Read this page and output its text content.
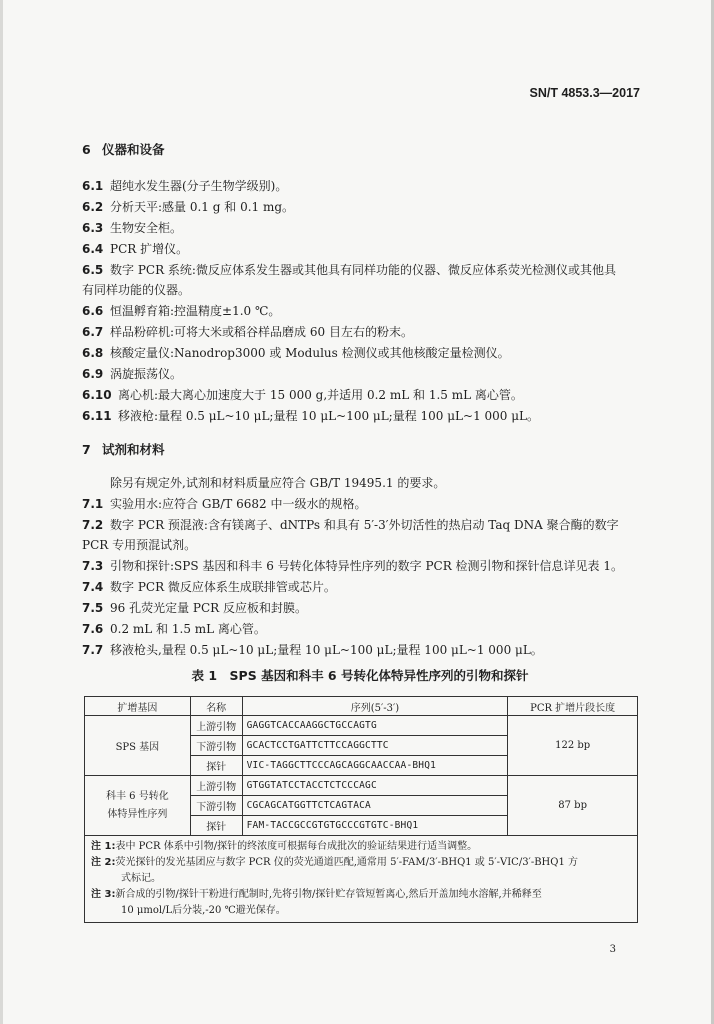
SN/T 4853.3—2017
6 仪器和设备
6.1 超纯水发生器(分子生物学级别)。
6.2 分析天平:感量 0.1 g 和 0.1 mg。
6.3 生物安全柜。
6.4 PCR 扩增仪。
6.5 数字 PCR 系统:微反应体系发生器或其他具有同样功能的仪器、微反应体系荧光检测仪或其他具
有同样功能的仪器。
6.6 恒温孵育箱:控温精度±1.0 ℃。
6.7 样品粉碎机:可将大米或稻谷样品磨成 60 目左右的粉末。
6.8 核酸定量仪:Nanodrop3000 或 Modulus 检测仪或其他核酸定量检测仪。
6.9 涡旋振荡仪。
6.10 离心机:最大离心加速度大于 15 000 g,并适用 0.2 mL 和 1.5 mL 离心管。
6.11 移液枪:量程 0.5 μL~10 μL;量程 10 μL~100 μL;量程 100 μL~1 000 μL。
7 试剂和材料
除另有规定外,试剂和材料质量应符合 GB/T 19495.1 的要求。
7.1 实验用水:应符合 GB/T 6682 中一级水的规格。
7.2 数字 PCR 预混液:含有镁离子、dNTPs 和具有 5′-3′外切活性的热启动 Taq DNA 聚合酶的数字
PCR 专用预混试剂。
7.3 引物和探针:SPS 基因和科丰 6 号转化体特异性序列的数字 PCR 检测引物和探针信息详见表 1。
7.4 数字 PCR 微反应体系生成联排管或芯片。
7.5 96 孔荧光定量 PCR 反应板和封膜。
7.6 0.2 mL 和 1.5 mL 离心管。
7.7 移液枪头,量程 0.5 μL~10 μL;量程 10 μL~100 μL;量程 100 μL~1 000 μL。
表 1　SPS 基因和科丰 6 号转化体特异性序列的引物和探针
扩增基因	名称	序列(5′-3′)	PCR 扩增片段长度
SPS 基因	上游引物	GAGGTCACCAAGGCTGCCAGTG	122 bp
	下游引物	GCACTCCTGATTCTTCCAGGCTTC	
	探针	VIC-TAGGCTTCCCAGCAGGCAACCAA-BHQ1	
科丰 6 号转化
体特异性序列	上游引物	GTGGTATCCTACCTCTCCCAGC	87 bp
	下游引物	CGCAGCATGGTTCTCAGTACA	
	探针	FAM-TACCGCCGTGTGCCCGTGTC-BHQ1	

注 1:表中 PCR 体系中引物/探针的终浓度可根据每台成批次的验证结果进行适当调整。
注 2:荧光探针的发光基团应与数字 PCR 仪的荧光通道匹配,通常用 5′-FAM/3′-BHQ1 或 5′-VIC/3′-BHQ1 方
式标记。
注 3:新合成的引物/探针干粉进行配制时,先将引物/探针贮存管短暂离心,然后开盖加纯水溶解,并稀释至
10 μmol/L后分装,-20 ℃避光保存。			
3
